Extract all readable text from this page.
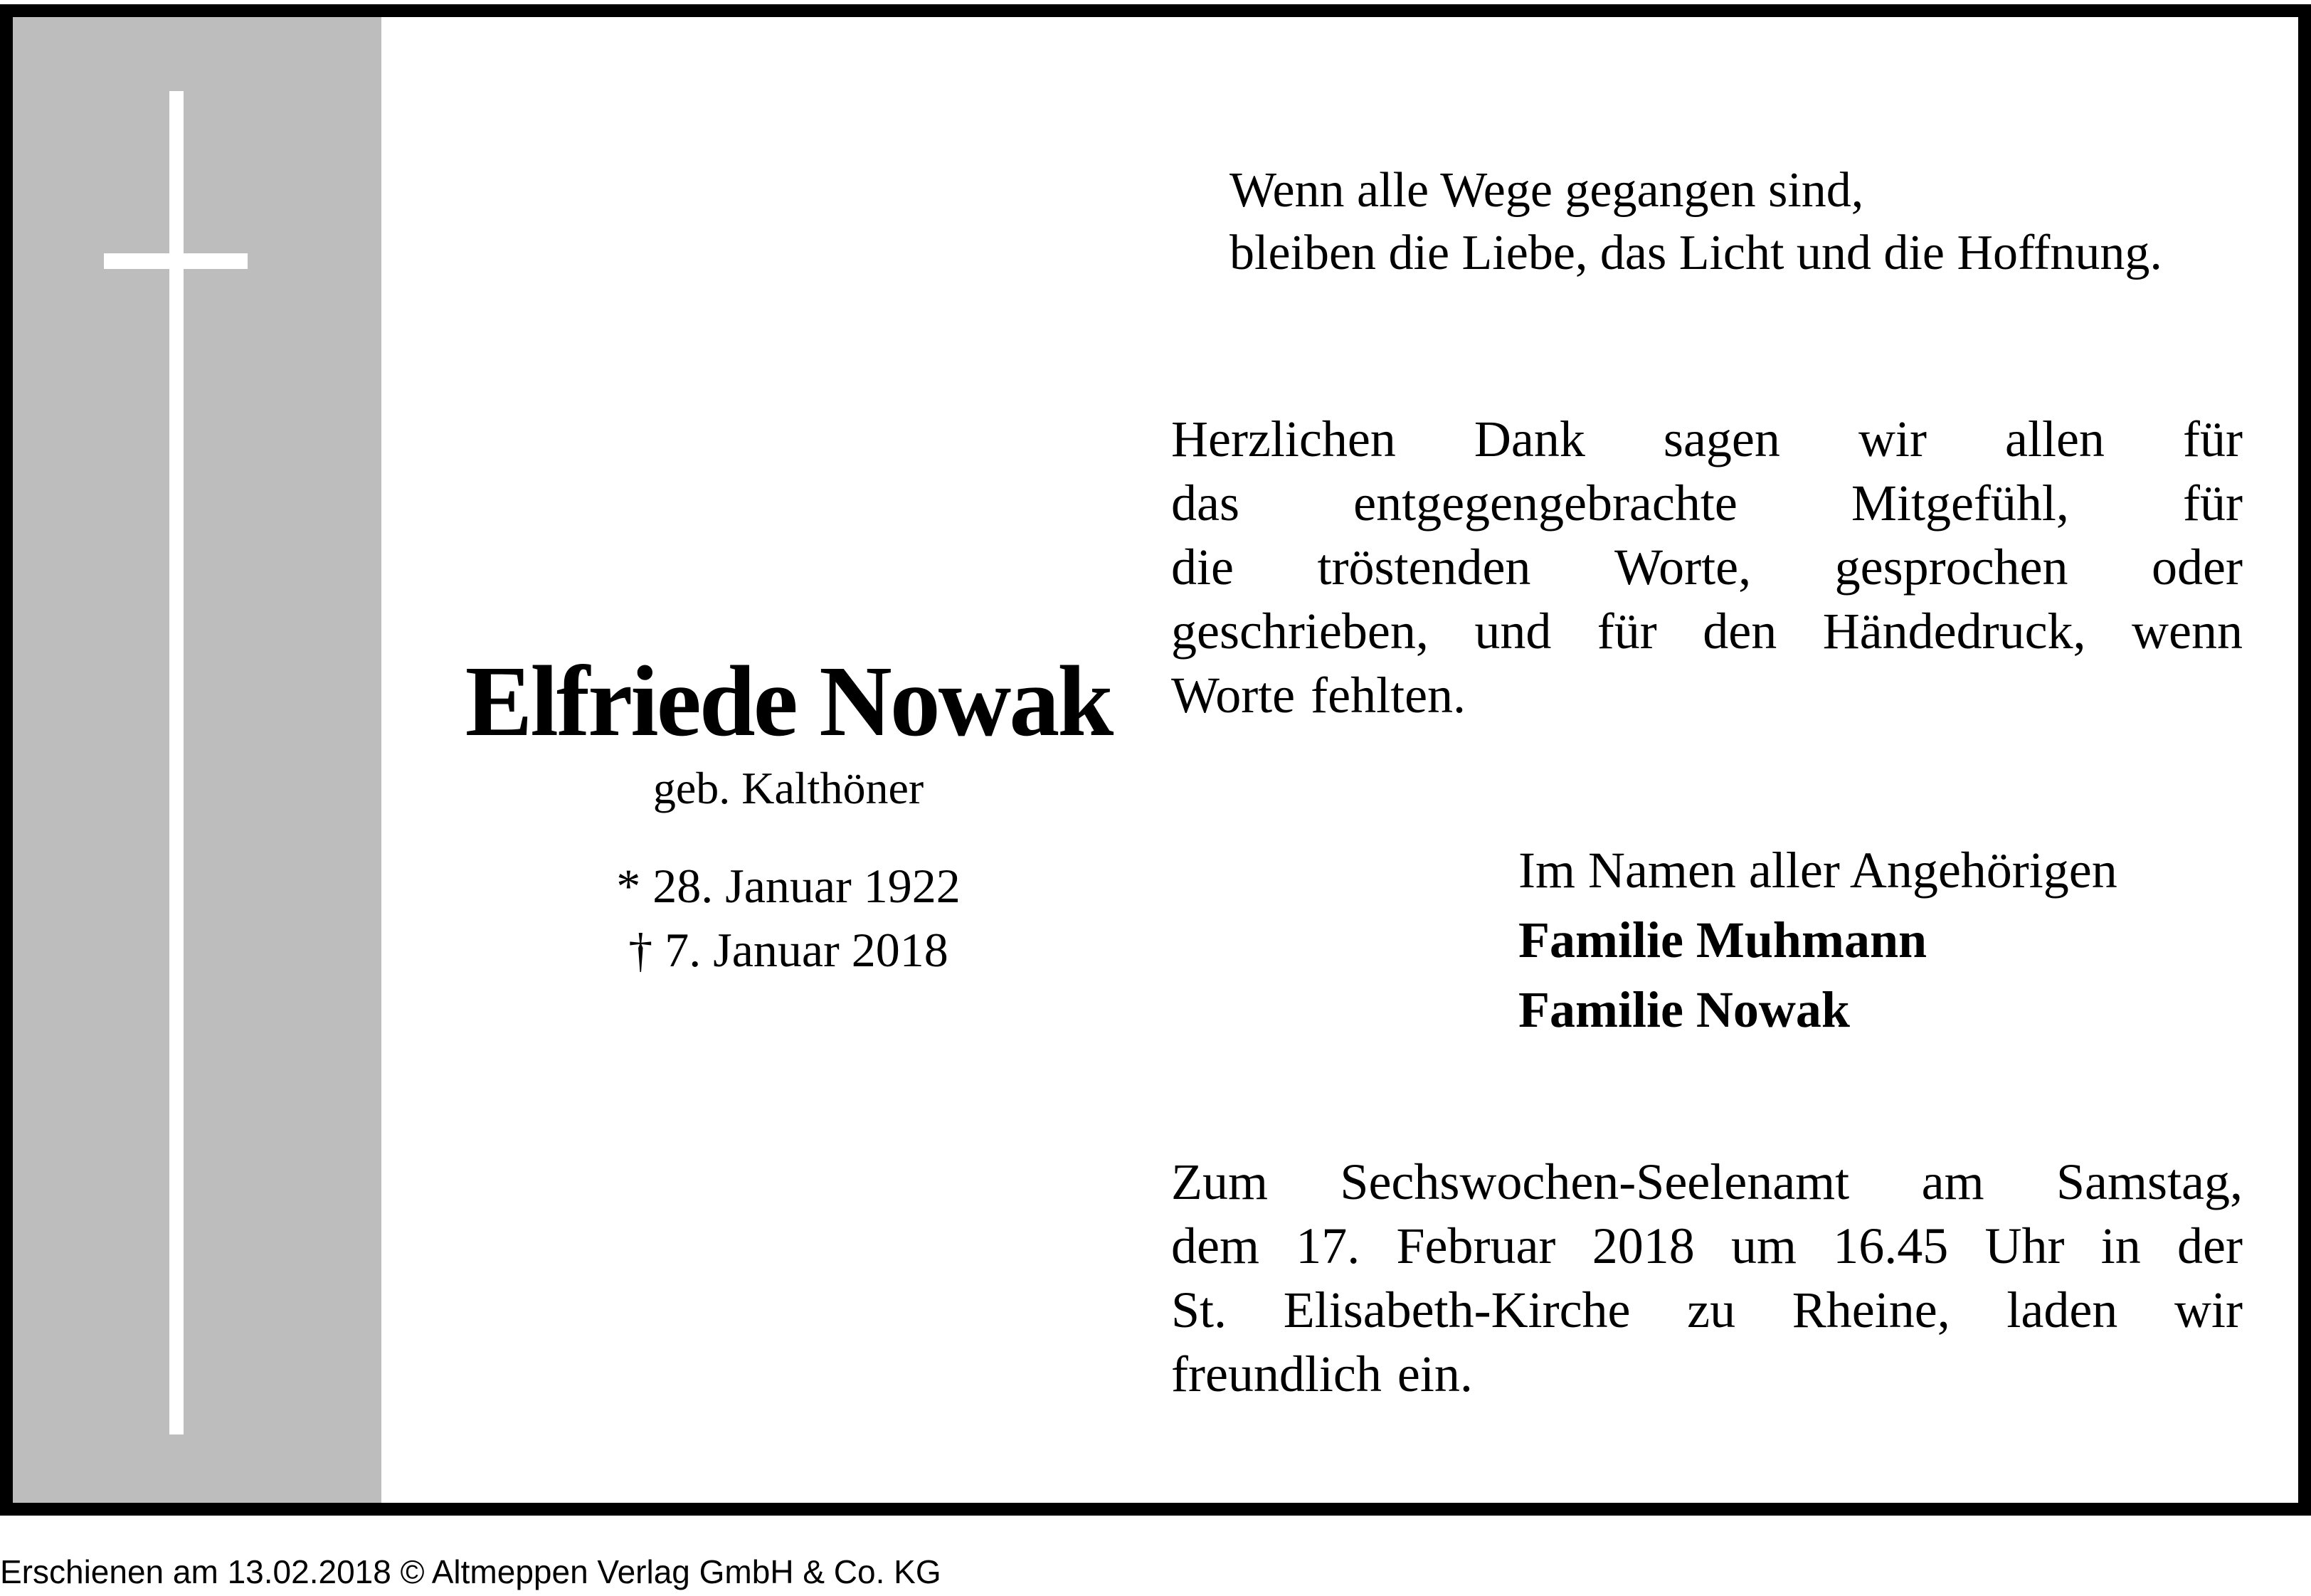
Elfriede Nowak
geb. Kalthöner
* 28. Januar 1922
† 7. Januar 2018
Wenn alle Wege gegangen sind,
bleiben die Liebe, das Licht und die Hoffnung.
Herzlichen Dank sagen wir allen für
das entgegengebrachte Mitgefühl, für
die tröstenden Worte, gesprochen oder
geschrieben, und für den Händedruck, wenn
Worte fehlten.
Im Namen aller Angehörigen
Familie Muhmann
Familie Nowak
Zum Sechswochen-Seelenamt am Samstag,
dem 17. Februar 2018 um 16.45 Uhr in der
St. Elisabeth-Kirche zu Rheine, laden wir
freundlich ein.
Erschienen am 13.02.2018 © Altmeppen Verlag GmbH & Co. KG
